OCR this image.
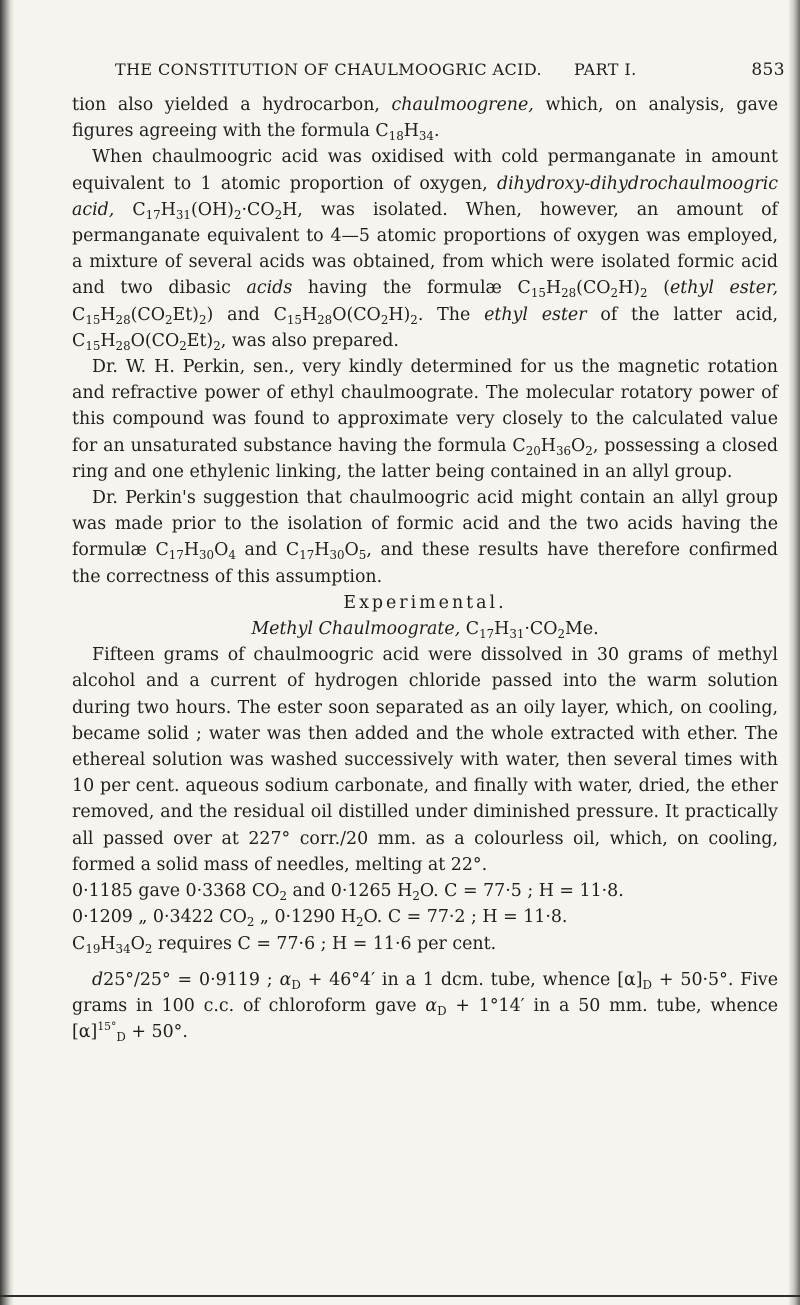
THE CONSTITUTION OF CHAULMOOGRIC ACID. PART I.	853

tion also yielded a hydrocarbon, chaulmoogrene, which, on analysis, gave figures agreeing with the formula $C_{18}H_{34}$.

When chaulmoogric acid was oxidised with cold permanganate in amount equivalent to 1 atomic proportion of oxygen, dihydroxy-dihydrochaulmoogric acid, $C_{17}H_{31}(OH)_2\cdot CO_2H$, was isolated. When, however, an amount of permanganate equivalent to 4—5 atomic proportions of oxygen was employed, a mixture of several acids was obtained, from which were isolated formic acid and two dibasic acids having the formulæ $C_{15}H_{28}(CO_2H)_2$ (ethyl ester, $C_{15}H_{28}(CO_2Et)_2$) and $C_{15}H_{28}O(CO_2H)_2$. The ethyl ester of the latter acid, $C_{15}H_{28}O(CO_2Et)_2$, was also prepared.

Dr. W. H. Perkin, sen., very kindly determined for us the magnetic rotation and refractive power of ethyl chaulmoograte. The molecular rotatory power of this compound was found to approximate very closely to the calculated value for an unsaturated substance having the formula $C_{20}H_{36}O_2$, possessing a closed ring and one ethylenic linking, the latter being contained in an allyl group.

Dr. Perkin's suggestion that chaulmoogric acid might contain an allyl group was made prior to the isolation of formic acid and the two acids having the formulæ $C_{17}H_{30}O_4$ and $C_{17}H_{30}O_5$, and these results have therefore confirmed the correctness of this assumption.

Experimental.

Methyl Chaulmoograte, $C_{17}H_{31}\cdot CO_2Me$.

Fifteen grams of chaulmoogric acid were dissolved in 30 grams of methyl alcohol and a current of hydrogen chloride passed into the warm solution during two hours. The ester soon separated as an oily layer, which, on cooling, became solid ; water was then added and the whole extracted with ether. The ethereal solution was washed successively with water, then several times with 10 per cent. aqueous sodium carbonate, and finally with water, dried, the ether removed, and the residual oil distilled under diminished pressure. It practically all passed over at 227° corr./20 mm. as a colourless oil, which, on cooling, formed a solid mass of needles, melting at 22°.

0·1185 gave 0·3368 $CO_2$ and 0·1265 $H_2O$. C = 77·5 ; H = 11·8.

0·1209 „ 0·3422 $CO_2$ „ 0·1290 $H_2O$. C = 77·2 ; H = 11·8.

$C_{19}H_{34}O_2$ requires C = 77·6 ; H = 11·6 per cent.

d25°/25° = 0·9119 ; $\alpha_D + 46^\circ 4'$ in a 1 dcm. tube, whence $[\alpha]_D + 50\cdot 5^\circ$. Five grams in 100 c.c. of chloroform gave $\alpha_D + 1^\circ 14'$ in a 50 mm. tube, whence $[\alpha]^{15^\circ}_D + 50^\circ$.
